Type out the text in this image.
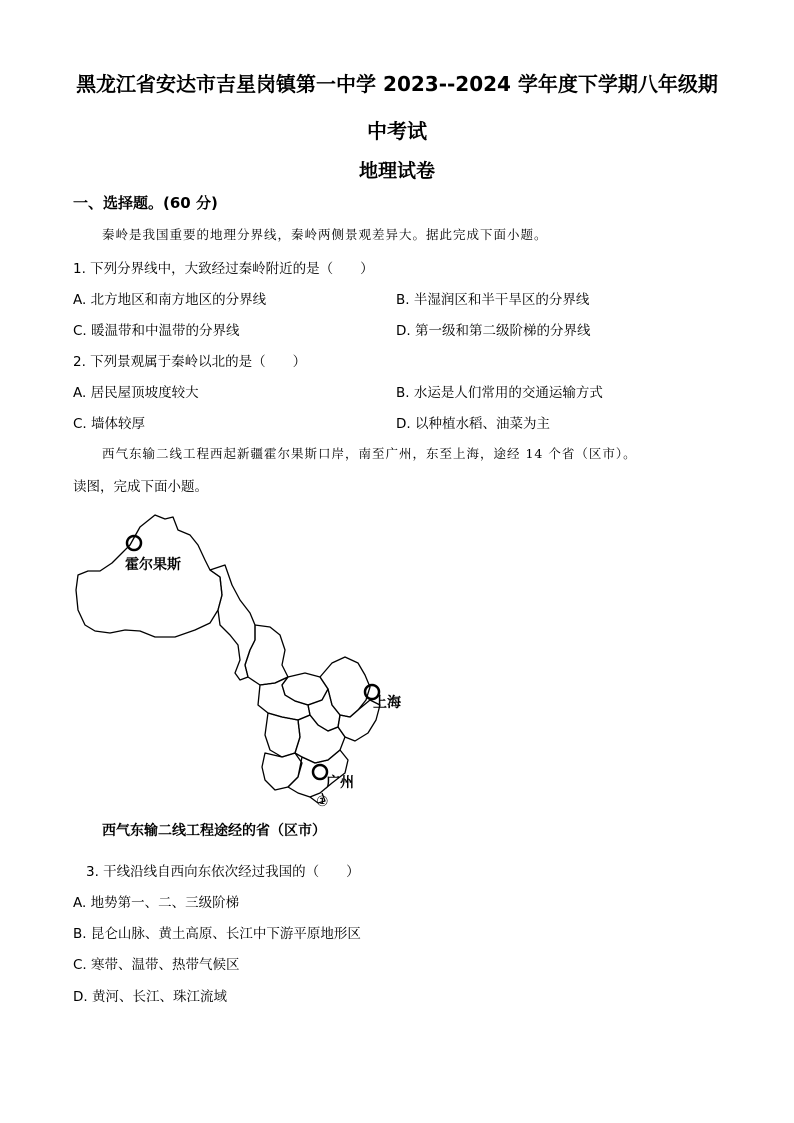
黑龙江省安达市吉星岗镇第一中学 2023--2024 学年度下学期八年级期
中考试
地理试卷
一、选择题。(60 分)
秦岭是我国重要的地理分界线，秦岭两侧景观差异大。据此完成下面小题。
1. 下列分界线中，大致经过秦岭附近的是（　　）
A. 北方地区和南方地区的分界线	B. 半湿润区和半干旱区的分界线
C. 暖温带和中温带的分界线	D. 第一级和第二级阶梯的分界线
2. 下列景观属于秦岭以北的是（　　）
A. 居民屋顶坡度较大	B. 水运是人们常用的交通运输方式
C. 墙体较厚	D. 以种植水稻、油菜为主
西气东输二线工程西起新疆霍尔果斯口岸，南至广州，东至上海，途经 14 个省（区市）。
读图，完成下面小题。
霍尔果斯
上海
广州
①
西气东输二线工程途经的省（区市）
3. 干线沿线自西向东依次经过我国的（　　）
A. 地势第一、二、三级阶梯
B. 昆仑山脉、黄土高原、长江中下游平原地形区
C. 寒带、温带、热带气候区
D. 黄河、长江、珠江流域
